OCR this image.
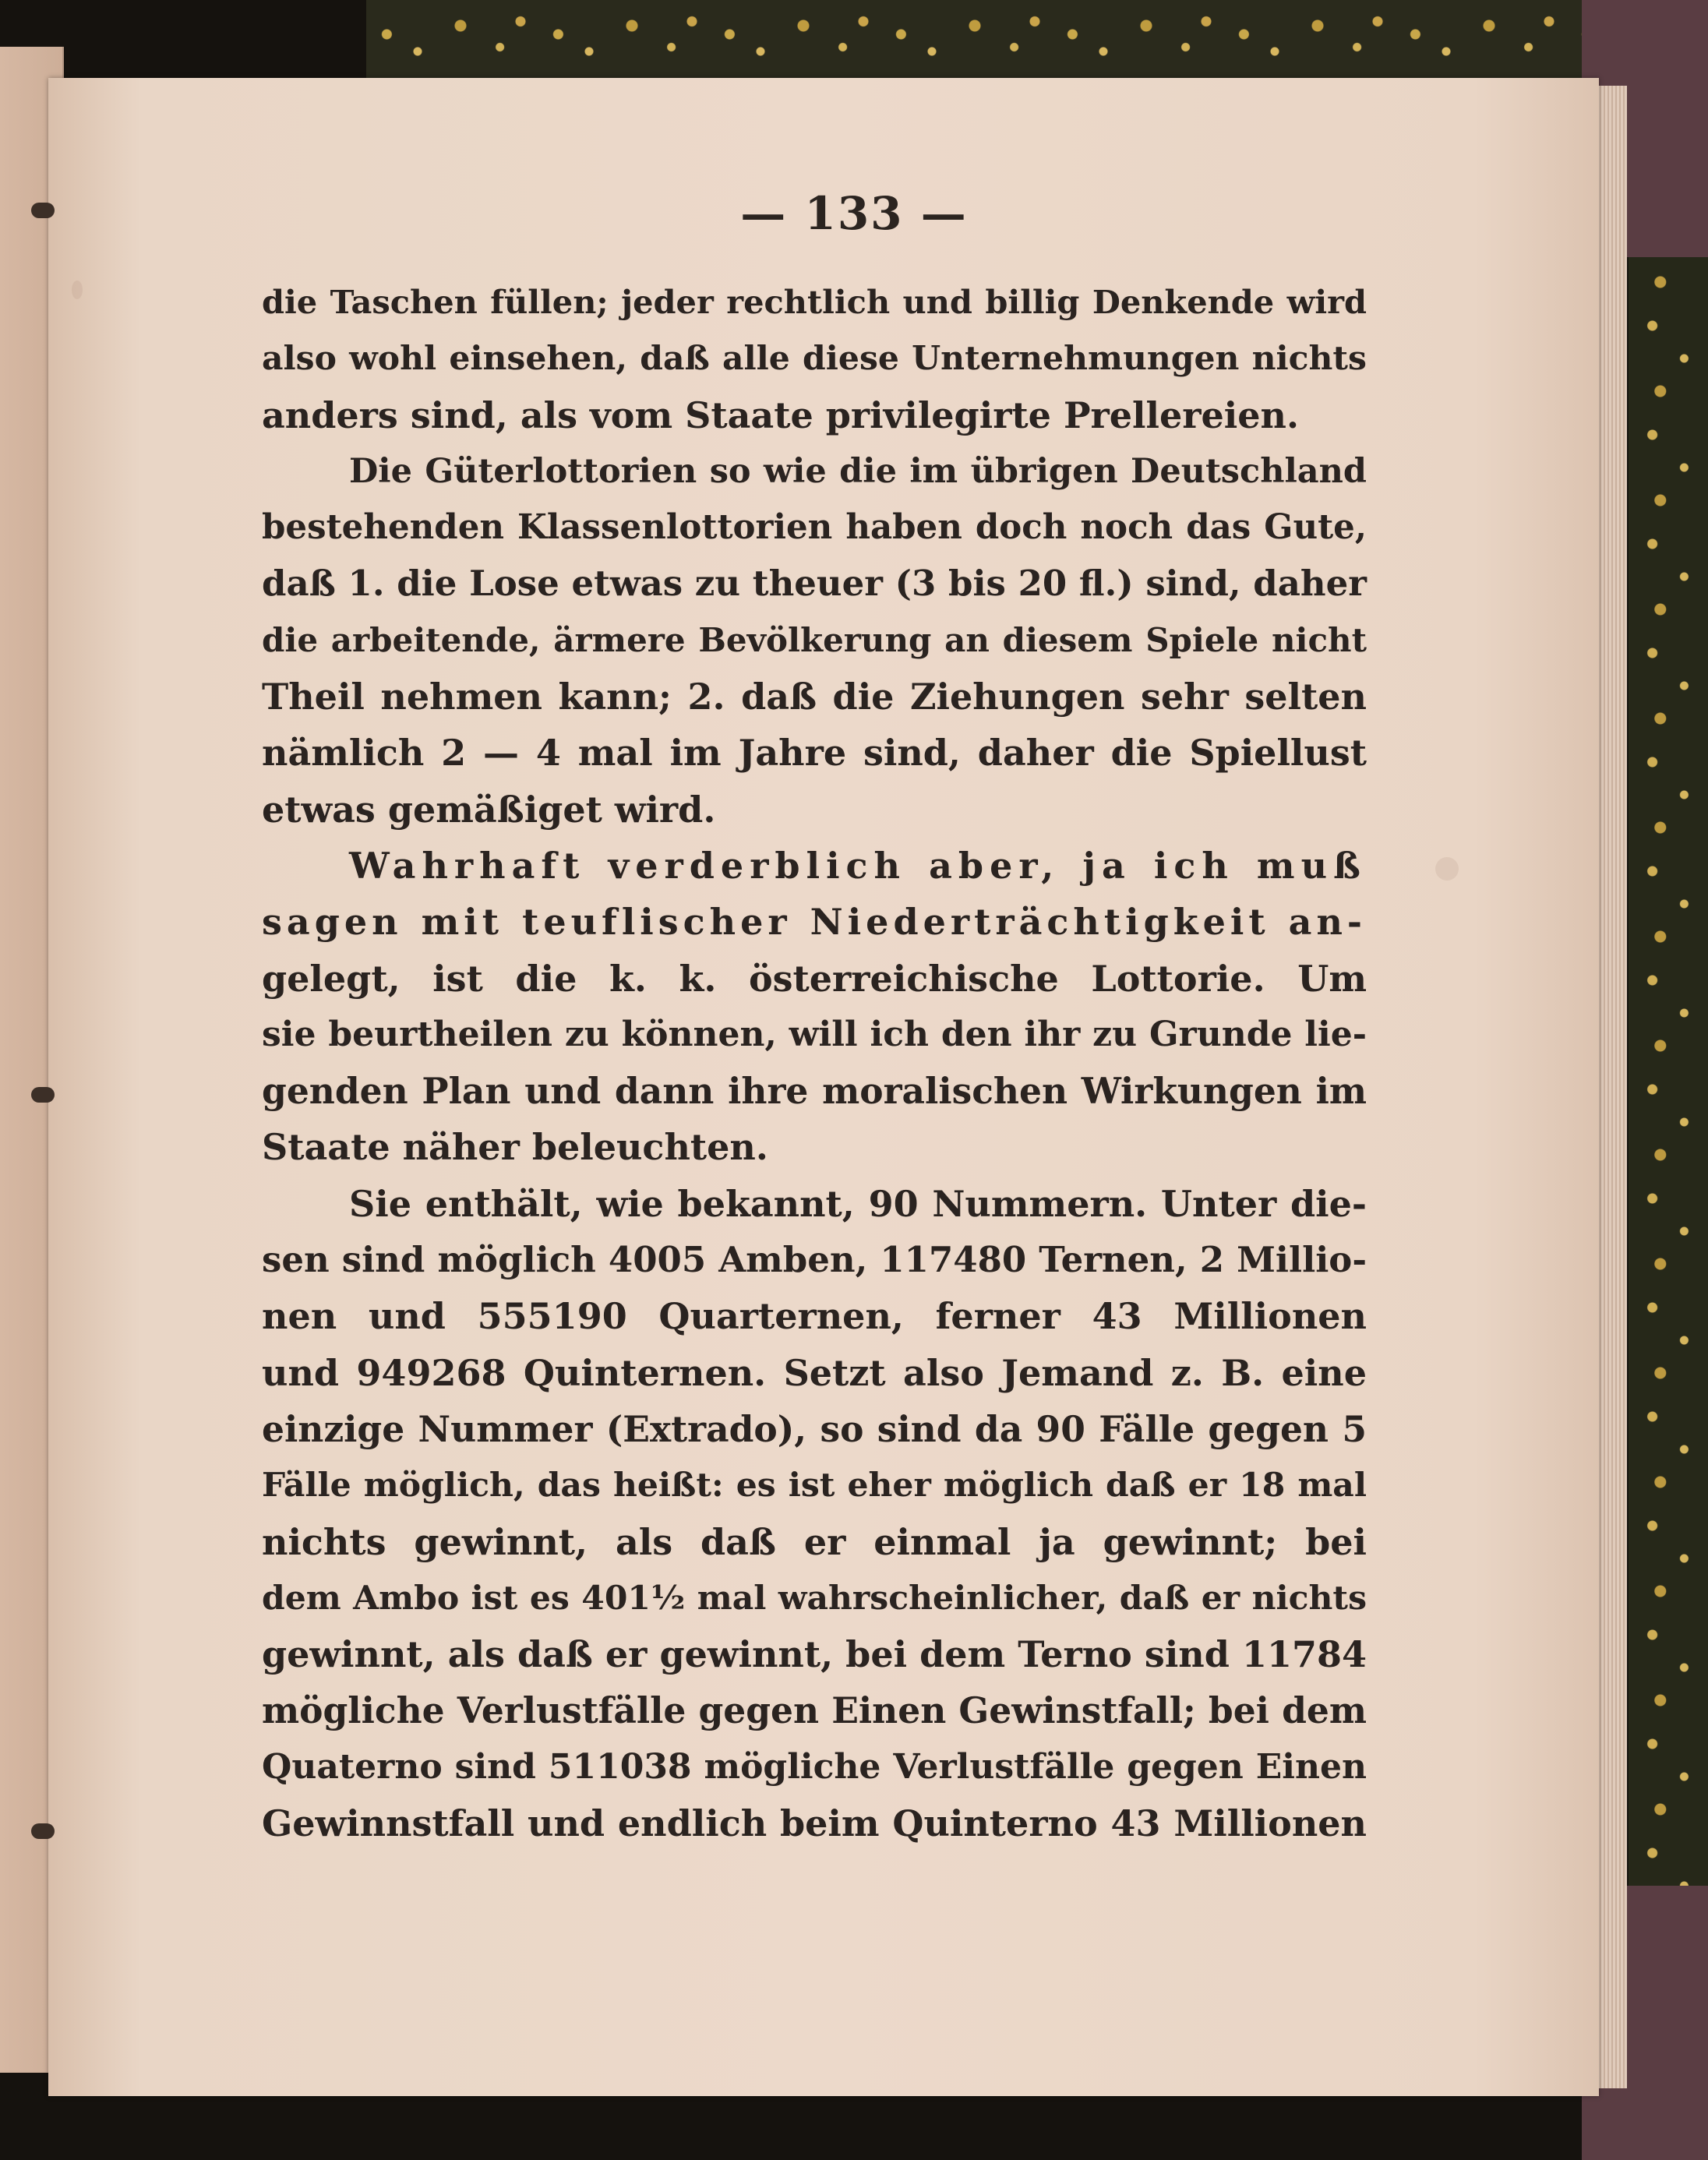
— 133 —
die Taschen füllen; jeder rechtlich und billig Denkende wird
also wohl einsehen, daß alle diese Unternehmungen nichts
anders sind, als vom Staate privilegirte Prellereien.
Die Güterlottorien so wie die im übrigen Deutschland
bestehenden Klassenlottorien haben doch noch das Gute,
daß 1. die Lose etwas zu theuer (3 bis 20 fl.) sind, daher
die arbeitende, ärmere Bevölkerung an diesem Spiele nicht
Theil nehmen kann; 2. daß die Ziehungen sehr selten
nämlich 2 — 4 mal im Jahre sind, daher die Spiellust
etwas gemäßiget wird.
Wahrhaft verderblich aber, ja ich muß
sagen mit teuflischer Niederträchtigkeit an-
gelegt, ist die k. k. österreichische Lottorie. Um
sie beurtheilen zu können, will ich den ihr zu Grunde lie-
genden Plan und dann ihre moralischen Wirkungen im
Staate näher beleuchten.
Sie enthält, wie bekannt, 90 Nummern. Unter die-
sen sind möglich 4005 Amben, 117480 Ternen, 2 Millio-
nen und 555190 Quarternen, ferner 43 Millionen
und 949268 Quinternen. Setzt also Jemand z. B. eine
einzige Nummer (Extrado), so sind da 90 Fälle gegen 5
Fälle möglich, das heißt: es ist eher möglich daß er 18 mal
nichts gewinnt, als daß er einmal ja gewinnt; bei
dem Ambo ist es 401½ mal wahrscheinlicher, daß er nichts
gewinnt, als daß er gewinnt, bei dem Terno sind 11784
mögliche Verlustfälle gegen Einen Gewinstfall; bei dem
Quaterno sind 511038 mögliche Verlustfälle gegen Einen
Gewinnstfall und endlich beim Quinterno 43 Millionen
